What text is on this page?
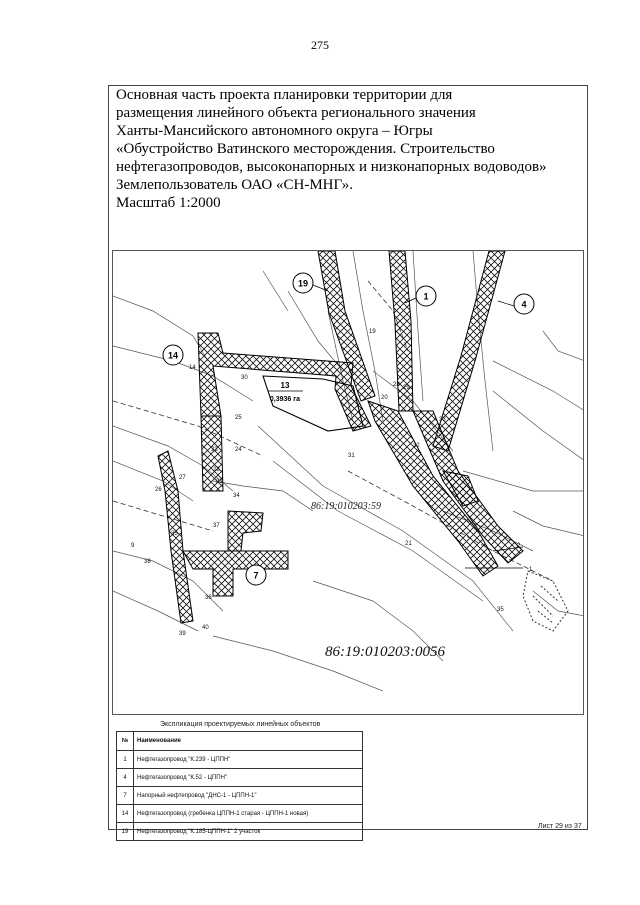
275
Основная часть проекта планировки территории для
размещения линейного объекта регионального значения
Ханты-Мансийского автономного округа – Югры
«Обустройство Ватинского месторождения. Строительство
нефтегазопроводов, высоконапорных и низконапорных водоводов»
Землепользователь ОАО «СН-МНГ».
Масштаб 1:2000
19
1
4
14
7
13
0,3936 га
86:19:010203:59
86:19:010203:0056
14
19
20
24
25
23
22
21
26
27
28 29
30
31
32
33
34
35
36
37
38
39
40
21	2
1
35
9
Экспликация проектируемых линейных объектов
№	Наименование
1	Нефтегазопровод "К.239 - ЦППН"
4	Нефтегазопровод "К.52 - ЦППН"
7	Напорный нефтепровод "ДНС-1 - ЦППН-1"
14	Нефтегазопровод (гребенка ЦППН-1 старая - ЦППН-1 новая)
19	Нефтегазопровод "К.185-ЦППН-1" 2 участок
Лист 29 из 37
